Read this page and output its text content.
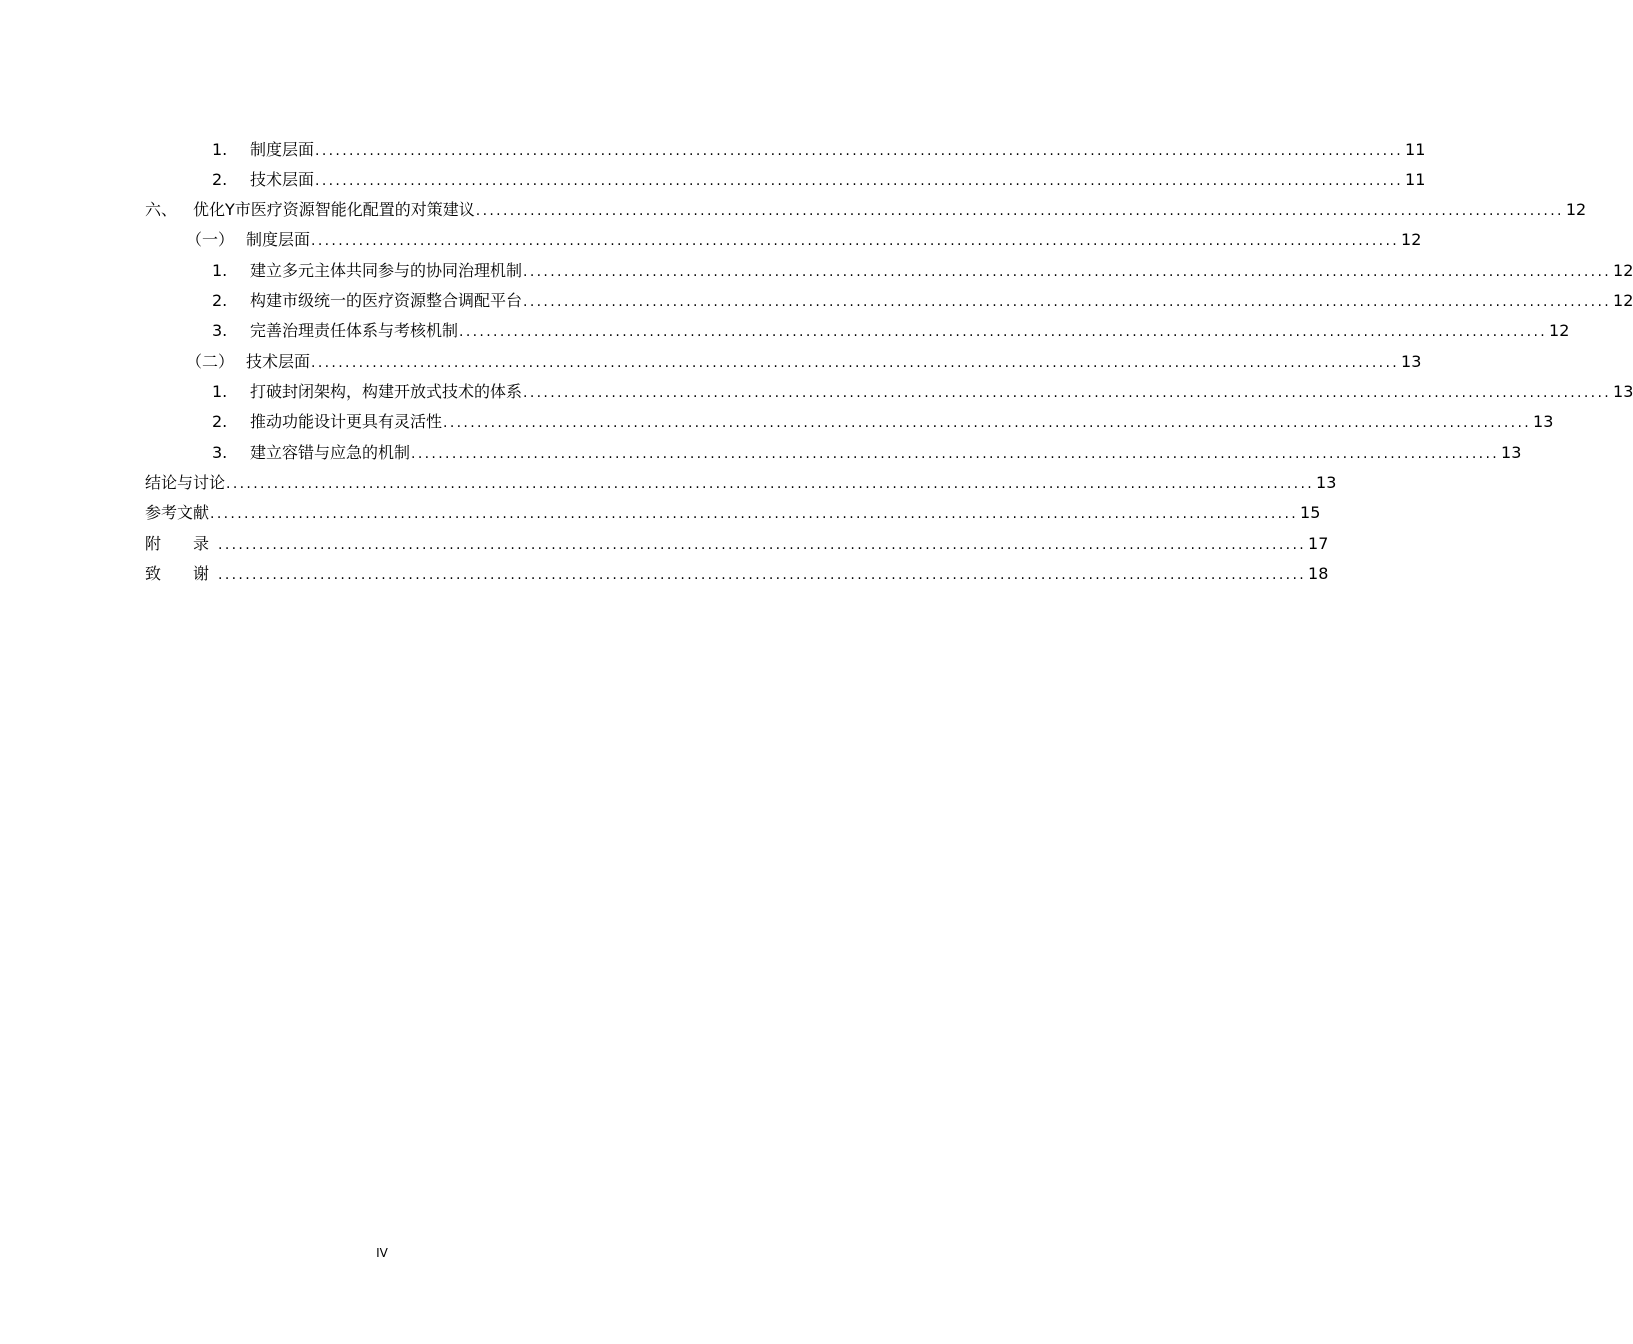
1.	制度层面 ................................................................................................................................................................ 11
2.	技术层面 ................................................................................................................................................................ 11
六、 优化Y市医疗资源智能化配置的对策建议 ................................................................................................................................................................ 12
（一） 制度层面 ................................................................................................................................................................ 12
1.	建立多元主体共同参与的协同治理机制 ................................................................................................................................................................ 12
2.	构建市级统一的医疗资源整合调配平台 ................................................................................................................................................................ 12
3.	完善治理责任体系与考核机制 ................................................................................................................................................................ 12
（二） 技术层面 ................................................................................................................................................................ 13
1.	打破封闭架构，构建开放式技术的体系 ................................................................................................................................................................ 13
2.	推动功能设计更具有灵活性 ................................................................................................................................................................ 13
3.	建立容错与应急的机制 ................................................................................................................................................................ 13
结论与讨论 ................................................................................................................................................................ 13
参考文献 ................................................................................................................................................................ 15
附　录 ................................................................................................................................................................ 17
致　谢 ................................................................................................................................................................ 18
IV
